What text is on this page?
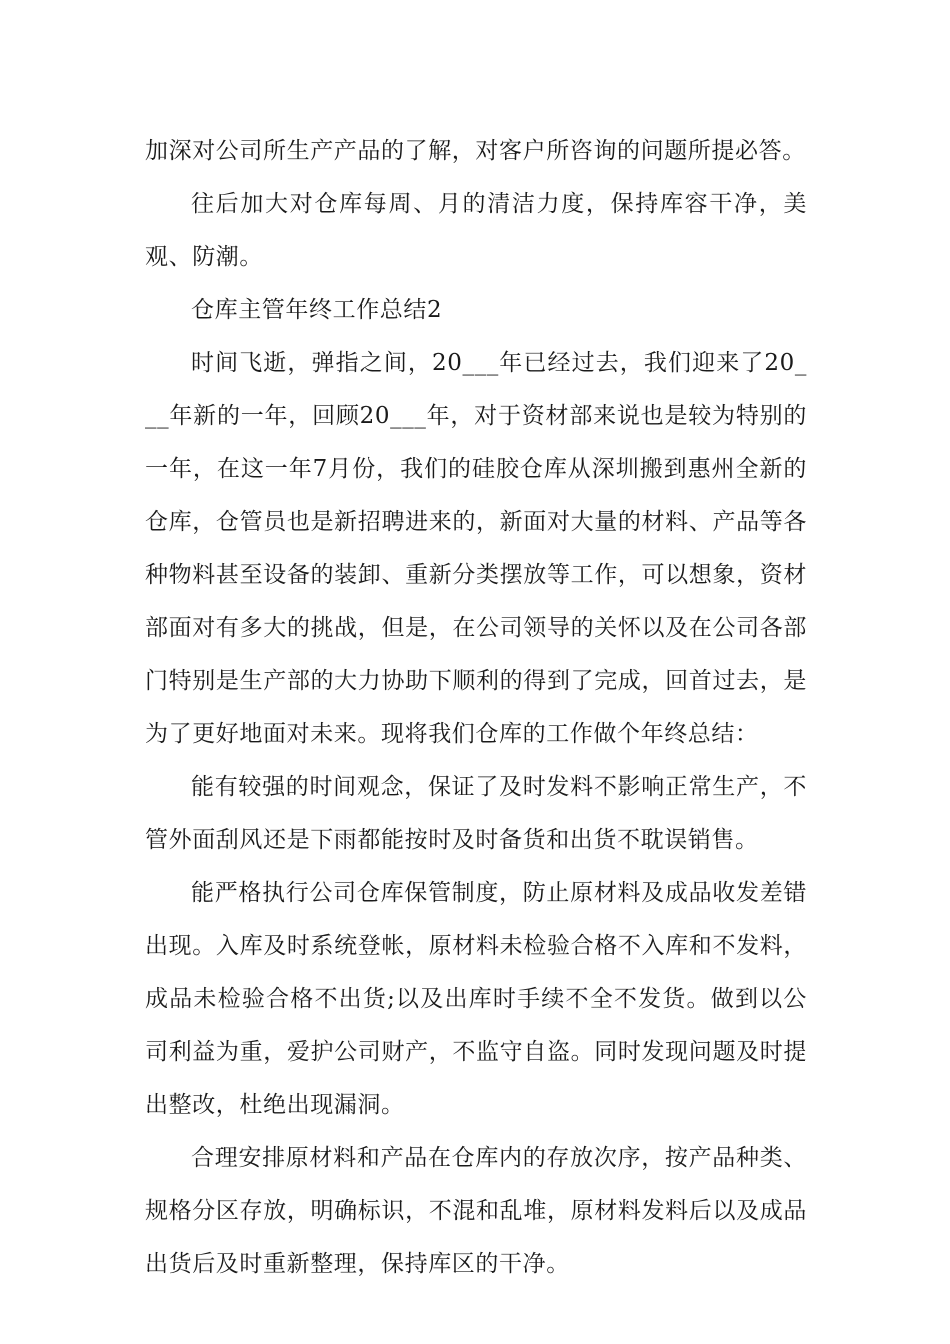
加深对公司所生产产品的了解，对客户所咨询的问题所提必答。

往后加大对仓库每周、月的清洁力度，保持库容干净，美观、防潮。

仓库主管年终工作总结2

时间飞逝，弹指之间，20___年已经过去，我们迎来了20___年新的一年，回顾20___年，对于资材部来说也是较为特别的一年，在这一年7月份，我们的硅胶仓库从深圳搬到惠州全新的仓库，仓管员也是新招聘进来的，新面对大量的材料、产品等各种物料甚至设备的装卸、重新分类摆放等工作，可以想象，资材部面对有多大的挑战，但是，在公司领导的关怀以及在公司各部门特别是生产部的大力协助下顺利的得到了完成，回首过去，是为了更好地面对未来。现将我们仓库的工作做个年终总结：

能有较强的时间观念，保证了及时发料不影响正常生产，不管外面刮风还是下雨都能按时及时备货和出货不耽误销售。

能严格执行公司仓库保管制度，防止原材料及成品收发差错出现。入库及时系统登帐，原材料未检验合格不入库和不发料，成品未检验合格不出货;以及出库时手续不全不发货。做到以公司利益为重，爱护公司财产，不监守自盗。同时发现问题及时提出整改，杜绝出现漏洞。

合理安排原材料和产品在仓库内的存放次序，按产品种类、规格分区存放，明确标识，不混和乱堆，原材料发料后以及成品出货后及时重新整理，保持库区的干净。
